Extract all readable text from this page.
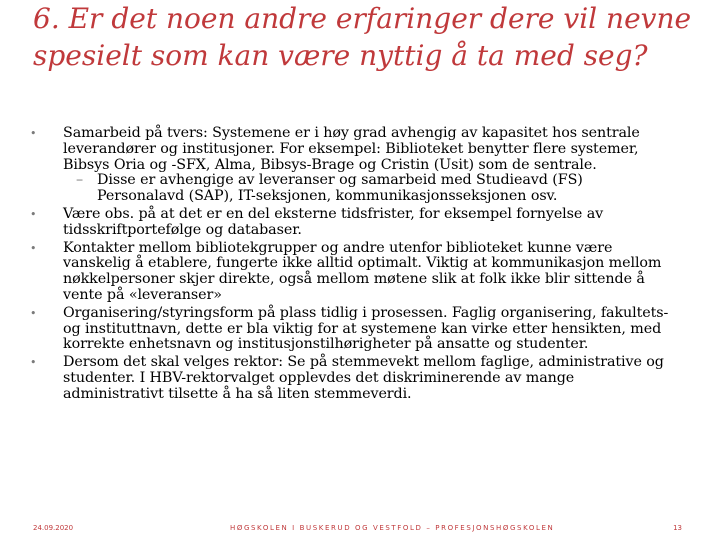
6. Er det noen andre erfaringer dere vil nevne spesielt som kan være nyttig å ta med seg?
•	Samarbeid på tvers: Systemene er i høy grad avhengig av kapasitet hos sentrale leverandører og institusjoner. For eksempel: Biblioteket benytter flere systemer, Bibsys Oria og -SFX, Alma, Bibsys-Brage og Cristin (Usit) som de sentrale.
– Disse er avhengige av leveranser og samarbeid med Studieavd (FS) Personalavd (SAP), IT-seksjonen, kommunikasjonsseksjonen osv.
•	Være obs. på at det er en del eksterne tidsfrister, for eksempel fornyelse av tidsskriftportefølge og databaser.
•	Kontakter mellom bibliotekgrupper og andre utenfor biblioteket kunne være vanskelig å etablere, fungerte ikke alltid optimalt. Viktig at kommunikasjon mellom nøkkelpersoner skjer direkte, også mellom møtene slik at folk ikke blir sittende å vente på «leveranser»
•	Organisering/styringsform på plass tidlig i prosessen. Faglig organisering, fakultets- og instituttnavn, dette er bla viktig for at systemene kan virke etter hensikten, med korrekte enhetsnavn og institusjonstilhørigheter på ansatte og studenter.
•	Dersom det skal velges rektor: Se på stemmevekt mellom faglige, administrative og studenter. I HBV-rektorvalget opplevdes det diskriminerende av mange administrativt tilsette å ha så liten stemmeverdi.
24.09.2020	HØGSKOLEN I BUSKERUD OG VESTFOLD – PROFESJONSHØGSKOLEN	13
